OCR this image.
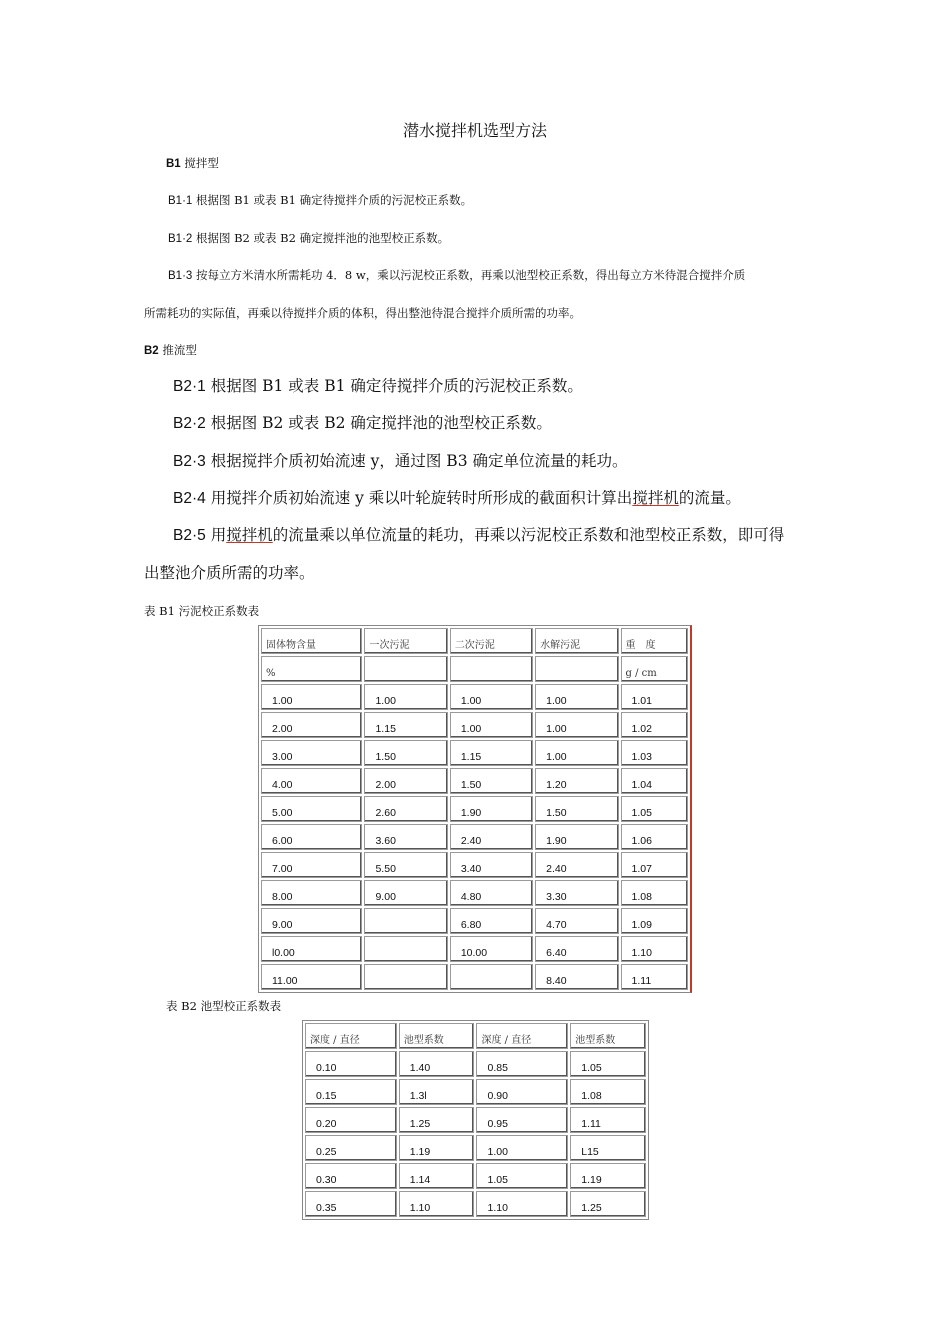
潜水搅拌机选型方法
B1 搅拌型
B1·1 根据图 B1 或表 B1 确定待搅拌介质的污泥校正系数。
B1·2 根据图 B2 或表 B2 确定搅拌池的池型校正系数。
B1·3 按每立方米清水所需耗功 4．8 w，乘以污泥校正系数，再乘以池型校正系数，得出每立方米待混合搅拌介质
所需耗功的实际值，再乘以待搅拌介质的体积，得出整池待混合搅拌介质所需的功率。
B2 推流型
B2·1 根据图 B1 或表 B1 确定待搅拌介质的污泥校正系数。
B2·2 根据图 B2 或表 B2 确定搅拌池的池型校正系数。
B2·3 根据搅拌介质初始流速 y，通过图 B3 确定单位流量的耗功。
B2·4 用搅拌介质初始流速 y 乘以叶轮旋转时所形成的截面积计算出搅拌机的流量。
B2·5 用搅拌机的流量乘以单位流量的耗功，再乘以污泥校正系数和池型校正系数，即可得
出整池介质所需的功率。
表 B1 污泥校正系数表
固体物含量	一次污泥	二次污泥	水解污泥	重　度
%				g / cm
1.00	1.00	1.00	1.00	1.01
2.00	1.15	1.00	1.00	1.02
3.00	1.50	1.15	1.00	1.03
4.00	2.00	1.50	1.20	1.04
5.00	2.60	1.90	1.50	1.05
6.00	3.60	2.40	1.90	1.06
7.00	5.50	3.40	2.40	1.07
8.00	9.00	4.80	3.30	1.08
9.00		6.80	4.70	1.09
l0.00		10.00	6.40	1.10
11.00			8.40	1.11
表 B2 池型校正系数表
深度 / 直径	池型系数	深度 / 直径	池型系数
0.10	1.40	0.85	1.05
0.15	1.3l	0.90	1.08
0.20	1.25	0.95	1.11
0.25	1.19	1.00	L15
0.30	1.14	1.05	1.19
0.35	1.10	1.10	1.25
